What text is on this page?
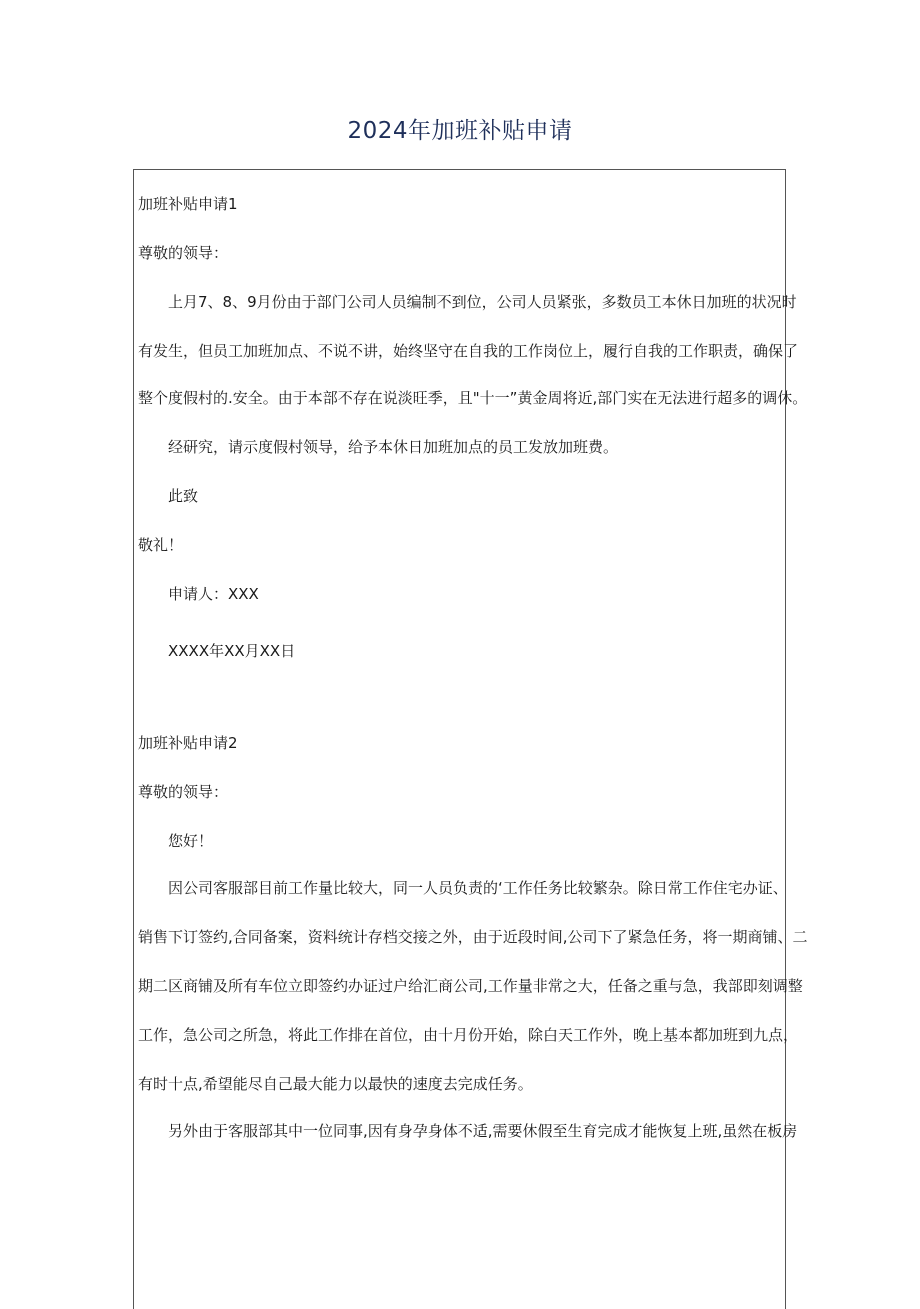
2024年加班补贴申请
加班补贴申请1
尊敬的领导：
上月7、8、9月份由于部门公司人员编制不到位，公司人员紧张，多数员工本休日加班的状况时
有发生，但员工加班加点、不说不讲，始终坚守在自我的工作岗位上，履行自我的工作职责，确保了
整个度假村的.安全。由于本部不存在说淡旺季，且"十一”黄金周将近,部门实在无法进行超多的调休。
经研究，请示度假村领导，给予本休日加班加点的员工发放加班费。
此致
敬礼！
申请人：XXX
XXXX年XX月XX日
加班补贴申请2
尊敬的领导：
您好！
因公司客服部目前工作量比较大，同一人员负责的‘工作任务比较繁杂。除日常工作住宅办证、
销售下订签约,合同备案，资料统计存档交接之外，由于近段时间,公司下了紧急任务，将一期商铺、二
期二区商铺及所有车位立即签约办证过户给汇商公司,工作量非常之大，任备之重与急，我部即刻调整
工作，急公司之所急，将此工作排在首位，由十月份开始，除白天工作外，晚上基本都加班到九点，
有时十点,希望能尽自己最大能力以最快的速度去完成任务。
另外由于客服部其中一位同事,因有身孕身体不适,需要休假至生育完成才能恢复上班,虽然在板房
